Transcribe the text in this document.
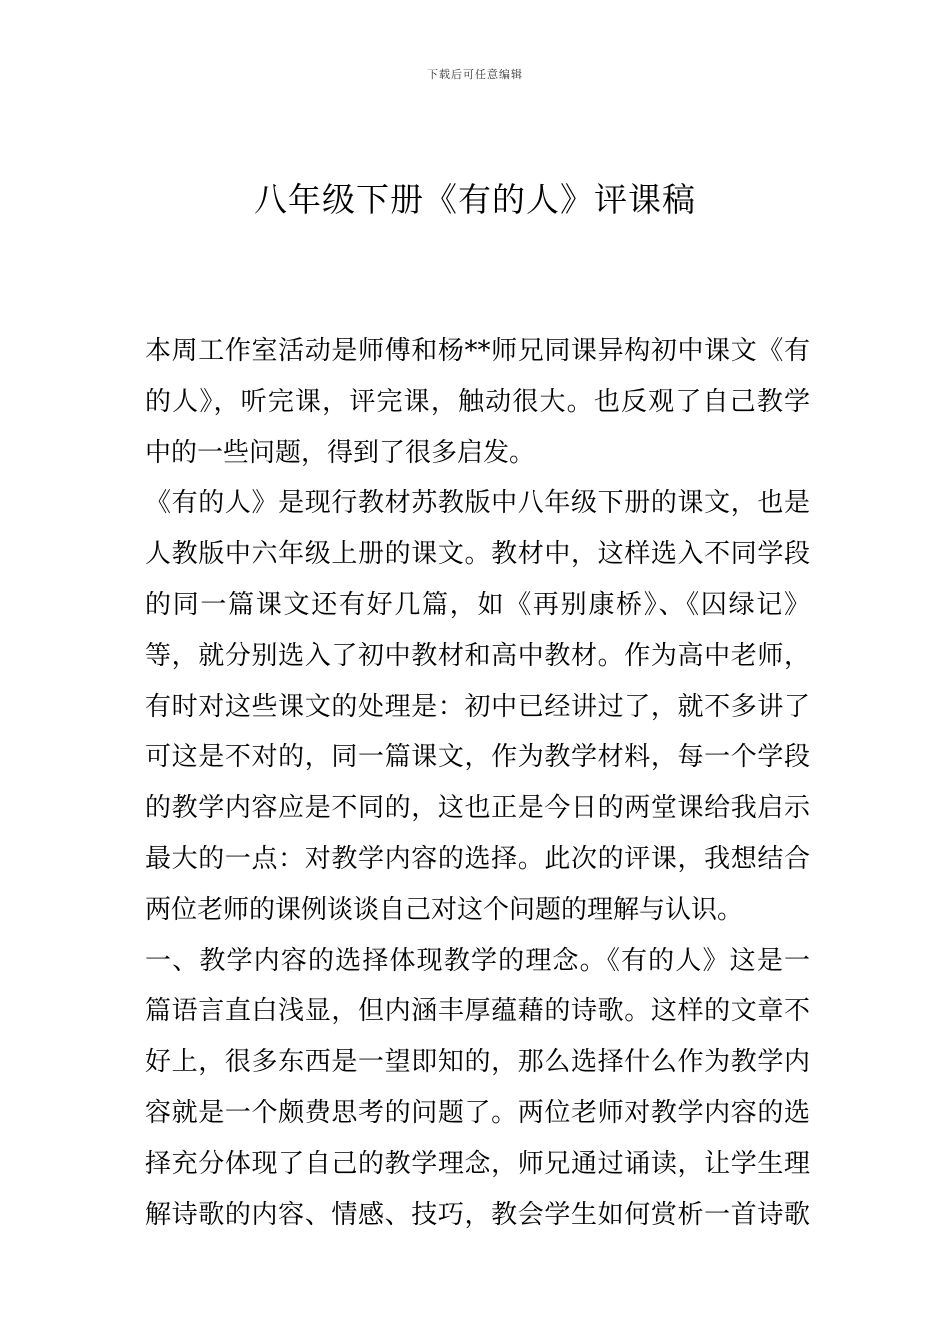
下载后可任意编辑
八年级下册《有的人》评课稿
本周工作室活动是师傅和杨**师兄同课异构初中课文《有
的人》，听完课，评完课，触动很大。也反观了自己教学
中的一些问题，得到了很多启发。
《有的人》是现行教材苏教版中八年级下册的课文，也是
人教版中六年级上册的课文。教材中，这样选入不同学段
的同一篇课文还有好几篇，如《再别康桥》、《囚绿记》
等，就分别选入了初中教材和高中教材。作为高中老师，
有时对这些课文的处理是：初中已经讲过了，就不多讲了
可这是不对的，同一篇课文，作为教学材料，每一个学段
的教学内容应是不同的，这也正是今日的两堂课给我启示
最大的一点：对教学内容的选择。此次的评课，我想结合
两位老师的课例谈谈自己对这个问题的理解与认识。
一、教学内容的选择体现教学的理念。《有的人》这是一
篇语言直白浅显，但内涵丰厚蕴藉的诗歌。这样的文章不
好上，很多东西是一望即知的，那么选择什么作为教学内
容就是一个颇费思考的问题了。两位老师对教学内容的选
择充分体现了自己的教学理念，师兄通过诵读，让学生理
解诗歌的内容、情感、技巧，教会学生如何赏析一首诗歌
